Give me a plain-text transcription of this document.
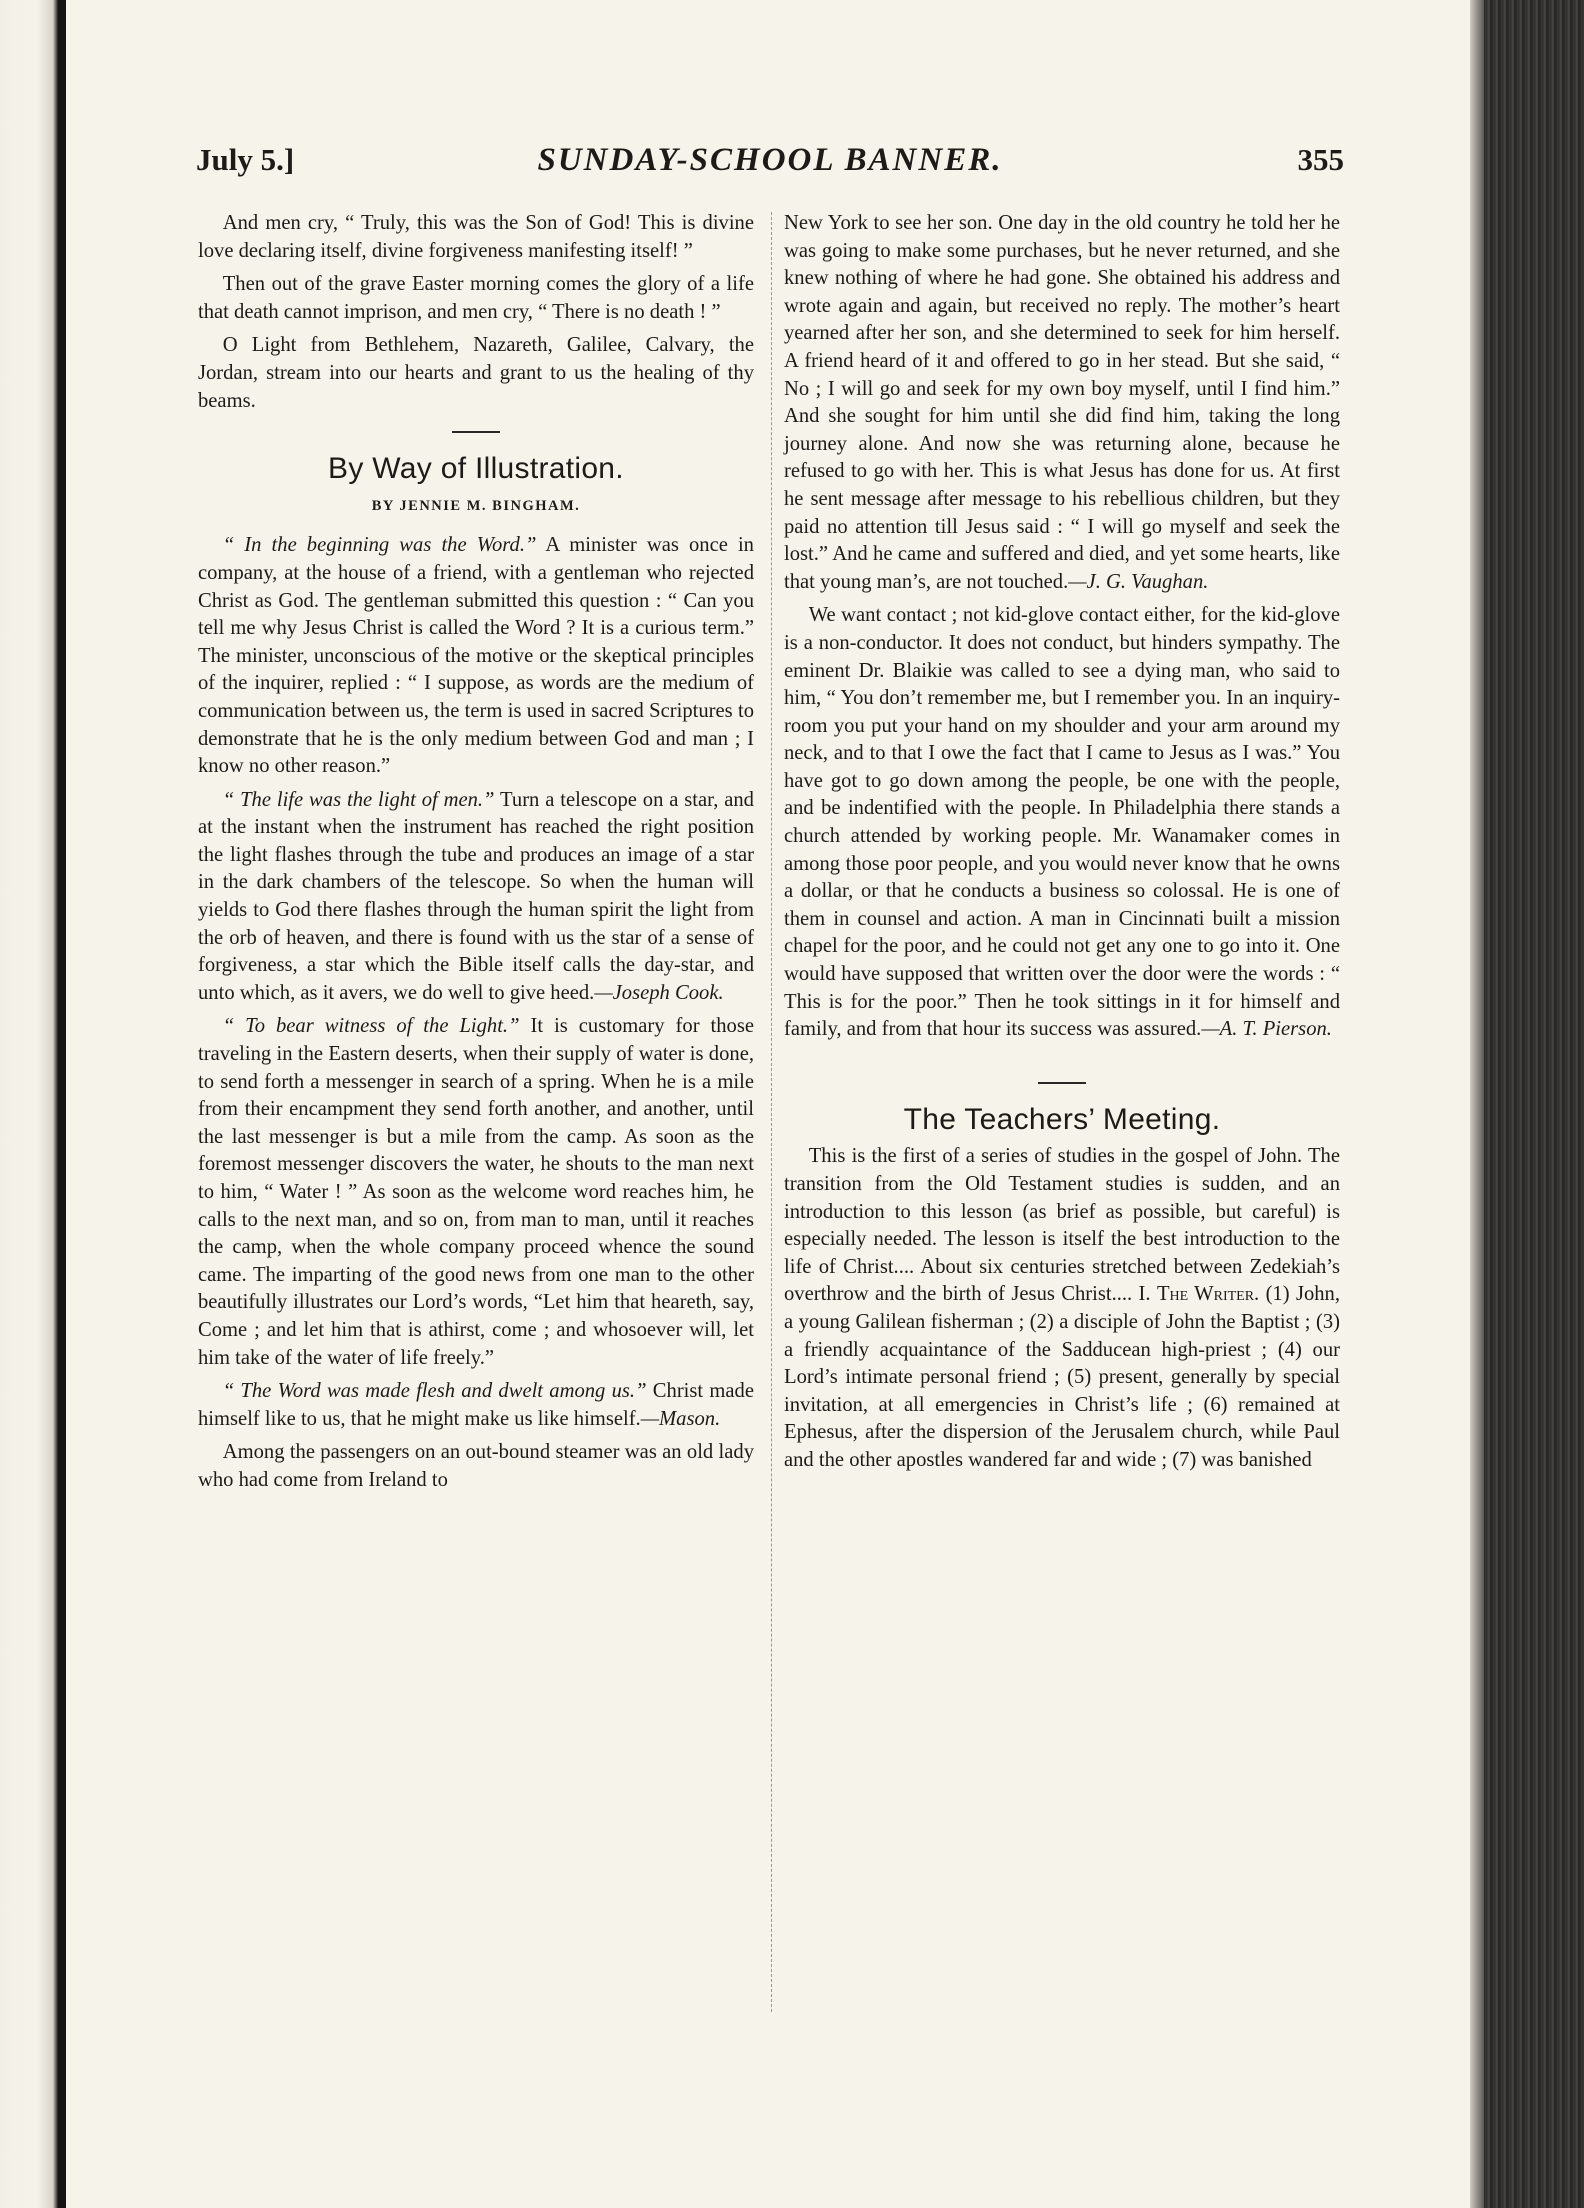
July 5.]	SUNDAY-SCHOOL BANNER.	355

And men cry, “ Truly, this was the Son of God! This is divine love declaring itself, divine forgiveness manifesting itself! ”

Then out of the grave Easter morning comes the glory of a life that death cannot imprison, and men cry, “ There is no death ! ”

O Light from Bethlehem, Nazareth, Galilee, Calvary, the Jordan, stream into our hearts and grant to us the healing of thy beams.

By Way of Illustration.
BY JENNIE M. BINGHAM.

“ In the beginning was the Word.” A minister was once in company, at the house of a friend, with a gentleman who rejected Christ as God. The gentleman submitted this question : “ Can you tell me why Jesus Christ is called the Word ? It is a curious term.” The minister, unconscious of the motive or the skeptical principles of the inquirer, replied : “ I suppose, as words are the medium of communication between us, the term is used in sacred Scriptures to demonstrate that he is the only medium between God and man ; I know no other reason.”

“ The life was the light of men.” Turn a telescope on a star, and at the instant when the instrument has reached the right position the light flashes through the tube and produces an image of a star in the dark chambers of the telescope. So when the human will yields to God there flashes through the human spirit the light from the orb of heaven, and there is found with us the star of a sense of forgiveness, a star which the Bible itself calls the day-star, and unto which, as it avers, we do well to give heed.—Joseph Cook.

“ To bear witness of the Light.” It is customary for those traveling in the Eastern deserts, when their supply of water is done, to send forth a messenger in search of a spring. When he is a mile from their encampment they send forth another, and another, until the last messenger is but a mile from the camp. As soon as the foremost messenger discovers the water, he shouts to the man next to him, “ Water ! ” As soon as the welcome word reaches him, he calls to the next man, and so on, from man to man, until it reaches the camp, when the whole company proceed whence the sound came. The imparting of the good news from one man to the other beautifully illustrates our Lord’s words, “Let him that heareth, say, Come ; and let him that is athirst, come ; and whosoever will, let him take of the water of life freely.”

“ The Word was made flesh and dwelt among us.” Christ made himself like to us, that he might make us like himself.—Mason.

Among the passengers on an out-bound steamer was an old lady who had come from Ireland to

New York to see her son. One day in the old country he told her he was going to make some purchases, but he never returned, and she knew nothing of where he had gone. She obtained his address and wrote again and again, but received no reply. The mother’s heart yearned after her son, and she determined to seek for him herself. A friend heard of it and offered to go in her stead. But she said, “ No ; I will go and seek for my own boy myself, until I find him.” And she sought for him until she did find him, taking the long journey alone. And now she was returning alone, because he refused to go with her. This is what Jesus has done for us. At first he sent message after message to his rebellious children, but they paid no attention till Jesus said : “ I will go myself and seek the lost.” And he came and suffered and died, and yet some hearts, like that young man’s, are not touched.—J. G. Vaughan.

We want contact ; not kid-glove contact either, for the kid-glove is a non-conductor. It does not conduct, but hinders sympathy. The eminent Dr. Blaikie was called to see a dying man, who said to him, “ You don’t remember me, but I remember you. In an inquiry-room you put your hand on my shoulder and your arm around my neck, and to that I owe the fact that I came to Jesus as I was.” You have got to go down among the people, be one with the people, and be indentified with the people. In Philadelphia there stands a church attended by working people. Mr. Wanamaker comes in among those poor people, and you would never know that he owns a dollar, or that he conducts a business so colossal. He is one of them in counsel and action. A man in Cincinnati built a mission chapel for the poor, and he could not get any one to go into it. One would have supposed that written over the door were the words : “ This is for the poor.” Then he took sittings in it for himself and family, and from that hour its success was assured.—A. T. Pierson.

The Teachers’ Meeting.

This is the first of a series of studies in the gospel of John. The transition from the Old Testament studies is sudden, and an introduction to this lesson (as brief as possible, but careful) is especially needed. The lesson is itself the best introduction to the life of Christ.... About six centuries stretched between Zedekiah’s overthrow and the birth of Jesus Christ.... I. The Writer. (1) John, a young Galilean fisherman ; (2) a disciple of John the Baptist ; (3) a friendly acquaintance of the Sadducean high-priest ; (4) our Lord’s intimate personal friend ; (5) present, generally by special invitation, at all emergencies in Christ’s life ; (6) remained at Ephesus, after the dispersion of the Jerusalem church, while Paul and the other apostles wandered far and wide ; (7) was banished
